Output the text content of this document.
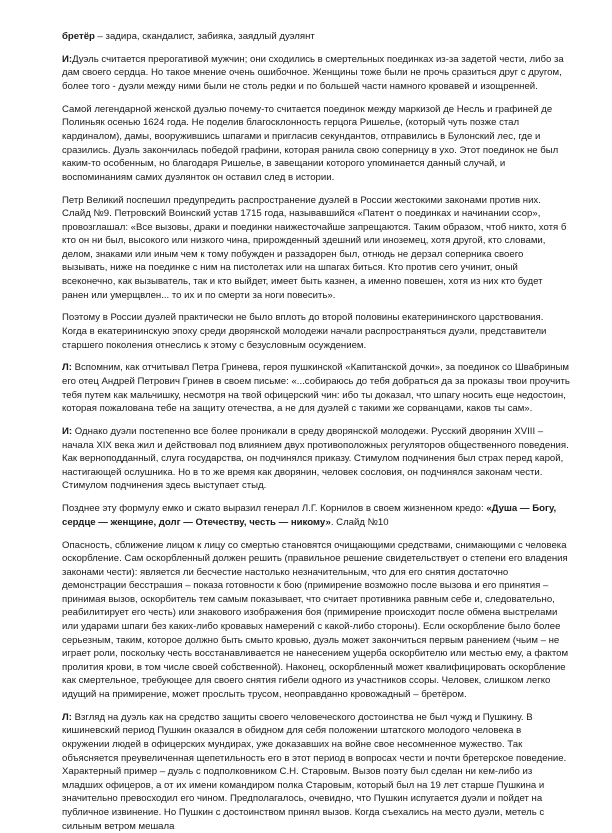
бретёр – задира, скандалист, забияка, заядлый дуэлянт

И:Дуэль считается прерогативой мужчин; они сходились в смертельных поединках из-за задетой чести, либо за дам своего сердца. Но такое мнение очень ошибочное. Женщины тоже были не прочь сразиться друг с другом, более того - дуэли между ними были не столь редки и по большей части намного кровавей и изощренней.

Самой легендарной женской дуэлью почему-то считается поединок между маркизой де Несль и графиней де Полиньяк осенью 1624 года. Не поделив благосклонность герцога Ришелье, (который чуть позже стал кардиналом), дамы, вооружившись шпагами и пригласив секундантов, отправились в Булонский лес, где и сразились. Дуэль закончилась победой графини, которая ранила свою соперницу в ухо. Этот поединок не был каким-то особенным, но благодаря Ришелье, в завещании которого упоминается данный случай, и воспоминаниям самих дуэлянток он оставил след в истории.

Петр Великий поспешил предупредить распространение дуэлей в России жестокими законами против них. Слайд №9. Петровский Воинский устав 1715 года, называвшийся «Патент о поединках и начинании ссор», провозглашал: «Все вызовы, драки и поединки наижесточайше запрещаются. Таким образом, чтоб никто, хотя б кто он ни был, высокого или низкого чина, прирожденный здешний или иноземец, хотя другой, кто словами, делом, знаками или иным чем к тому побужден и раззадорен был, отнюдь не дерзал соперника своего вызывать, ниже на поединке с ним на пистолетах или на шпагах биться. Кто против сего учинит, оный всеконечно, как вызыватель, так и кто выйдет, имеет быть казнен, а именно повешен, хотя из них кто будет ранен или умерщвлен... то их и по смерти за ноги повесить».

Поэтому в России дуэлей практически не было вплоть до второй половины екатерининского царствования. Когда в екатерининскую эпоху среди дворянской молодежи начали распространяться дуэли, представители старшего поколения отнеслись к этому с безусловным осуждением.

Л: Вспомним, как отчитывал Петра Гринева, героя пушкинской «Капитанской дочки», за поединок со Швабриным его отец Андрей Петрович Гринев в своем письме: «...собираюсь до тебя добраться да за проказы твои проучить тебя путем как мальчишку, несмотря на твой офицерский чин: ибо ты доказал, что шпагу носить еще недостоин, которая пожалована тебе на защиту отечества, а не для дуэлей с такими же сорванцами, каков ты сам».

И: Однако дуэли постепенно все более проникали в среду дворянской молодежи. Русский дворянин XVIII – начала XIX века жил и действовал под влиянием двух противоположных регуляторов общественного поведения. Как верноподданный, слуга государства, он подчинялся приказу. Стимулом подчинения был страх перед карой, настигающей ослушника. Но в то же время как дворянин, человек сословия, он подчинялся законам чести. Стимулом подчинения здесь выступает стыд.

Позднее эту формулу емко и сжато выразил генерал Л.Г. Корнилов в своем жизненном кредо: «Душа — Богу, сердце — женщине, долг — Отечеству, честь — никому». Слайд №10

Опасность, сближение лицом к лицу со смертью становятся очищающими средствами, снимающими с человека оскорбление. Сам оскорбленный должен решить (правильное решение свидетельствует о степени его владения законами чести): является ли бесчестие настолько незначительным, что для его снятия достаточно демонстрации бесстрашия – показа готовности к бою (примирение возможно после вызова и его принятия – принимая вызов, оскорбитель тем самым показывает, что считает противника равным себе и, следовательно, реабилитирует его честь) или знакового изображения боя (примирение происходит после обмена выстрелами или ударами шпаги без каких-либо кровавых намерений с какой-либо стороны). Если оскорбление было более серьезным, таким, которое должно быть смыто кровью, дуэль может закончиться первым ранением (чьим – не играет роли, поскольку честь восстанавливается не нанесением ущерба оскорбителю или местью ему, а фактом пролития крови, в том числе своей собственной). Наконец, оскорбленный может квалифицировать оскорбление как смертельное, требующее для своего снятия гибели одного из участников ссоры. Человек, слишком легко идущий на примирение, может прослыть трусом, неоправданно кровожадный – бретёром.

Л: Взгляд на дуэль как на средство защиты своего человеческого достоинства не был чужд и Пушкину. В кишиневский период Пушкин оказался в обидном для себя положении штатского молодого человека в окружении людей в офицерских мундирах, уже доказавших на войне свое несомненное мужество. Так объясняется преувеличенная щепетильность его в этот период в вопросах чести и почти бретерское поведение. Характерный пример – дуэль с подполковником С.Н. Старовым. Вызов поэту был сделан ни кем-либо из младших офицеров, а от их имени командиром полка Старовым, который был на 19 лет старше Пушкина и значительно превосходил его чином. Предполагалось, очевидно, что Пушкин испугается дуэли и пойдет на публичное извинение. Но Пушкин с достоинством принял вызов. Когда съехались на место дуэли, метель с сильным ветром мешала
